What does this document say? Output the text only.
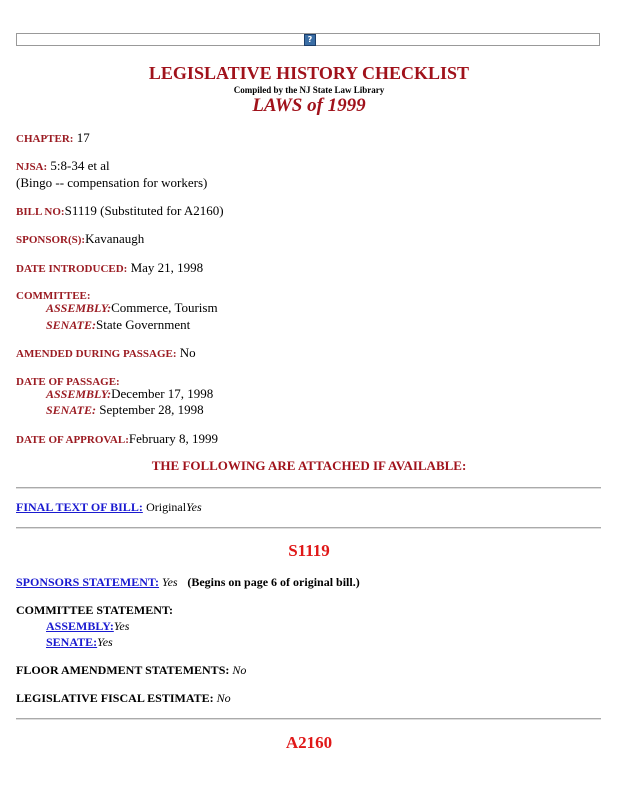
?
LEGISLATIVE HISTORY CHECKLIST
Compiled by the NJ State Law Library
LAWS of 1999
CHAPTER: 17
NJSA: 5:8-34 et al
(Bingo -- compensation for workers)
BILL NO:S1119 (Substituted for A2160)
SPONSOR(S):Kavanaugh
DATE INTRODUCED: May 21, 1998
COMMITTEE:
ASSEMBLY:Commerce, Tourism
SENATE:State Government
AMENDED DURING PASSAGE: No
DATE OF PASSAGE:
ASSEMBLY:December 17, 1998
SENATE: September 28, 1998
DATE OF APPROVAL:February 8, 1999
THE FOLLOWING ARE ATTACHED IF AVAILABLE:
FINAL TEXT OF BILL: OriginalYes
S1119
SPONSORS STATEMENT: Yes (Begins on page 6 of original bill.)
COMMITTEE STATEMENT:
ASSEMBLY:Yes
SENATE:Yes
FLOOR AMENDMENT STATEMENTS: No
LEGISLATIVE FISCAL ESTIMATE: No
A2160
